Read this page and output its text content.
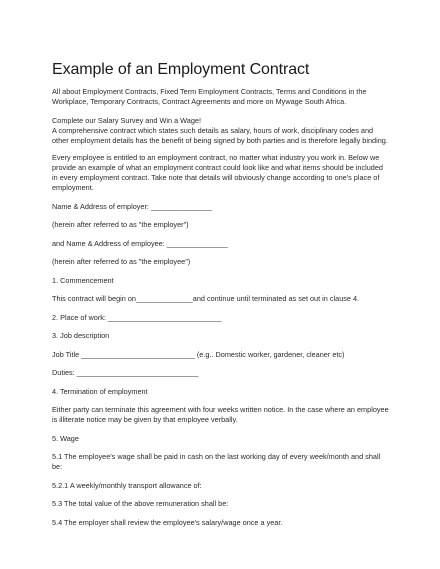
Example of an Employment Contract

All about Employment Contracts, Fixed Term Employment Contracts, Terms and Conditions in the Workplace, Temporary Contracts, Contract Agreements and more on Mywage South Africa.

Complete our Salary Survey and Win a Wage!
A comprehensive contract which states such details as salary, hours of work, disciplinary codes and other employment details has the benefit of being signed by both parties and is therefore legally binding.

Every employee is entitled to an employment contract, no matter what industry you work in. Below we provide an example of what an employment contract could look like and what items should be included in every employment contract. Take note that details will obviously change according to one's place of employment.

Name & Address of employer: _______________

(herein after referred to as "the employer")

and Name & Address of employee: _______________

(herein after referred to as "the employee")

1. Commencement

This contract will begin on______________and continue until terminated as set out in clause 4.

2. Place of work: ____________________________

3. Job description

Job Title ____________________________ (e.g.. Domestic worker, gardener, cleaner etc)

Duties: ______________________________

4. Termination of employment

Either party can terminate this agreement with four weeks written notice. In the case where an employee is illiterate notice may be given by that employee verbally.

5. Wage

5.1 The employee's wage shall be paid in cash on the last working day of every week/month and shall be:

5.2.1 A weekly/monthly transport allowance of:

5.3 The total value of the above remuneration shall be:

5.4 The employer shall review the employee's salary/wage once a year.
